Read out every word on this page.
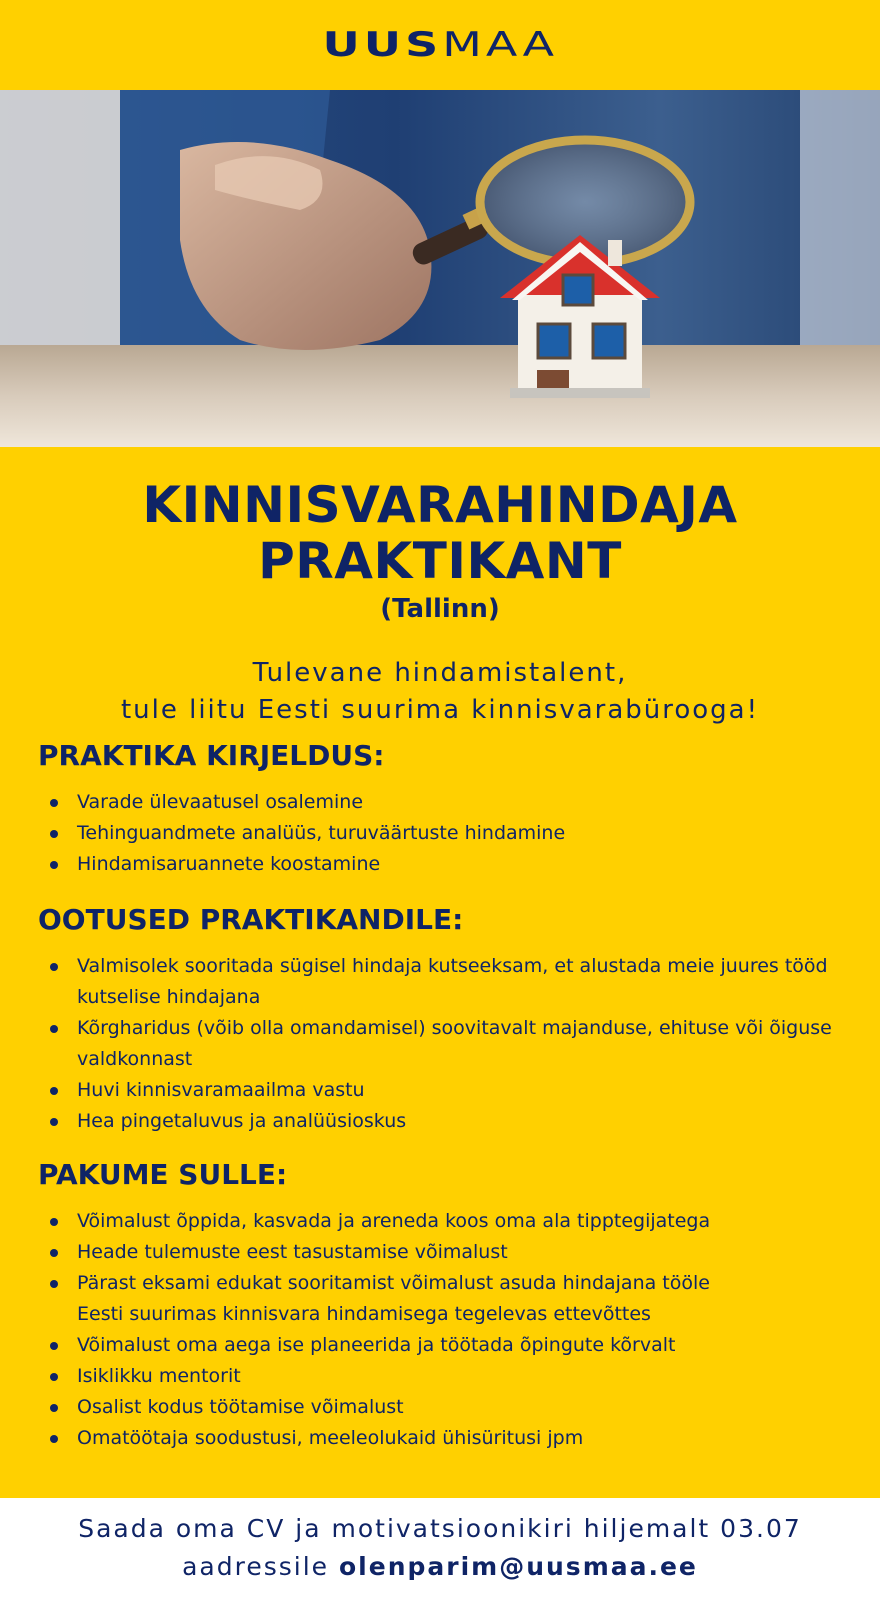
UUSMAA
KINNISVARAHINDAJA
PRAKTIKANT
(Tallinn)
Tulevane hindamistalent,
tule liitu Eesti suurima kinnisvarabürooga!
PRAKTIKA KIRJELDUS:
Varade ülevaatusel osalemine
Tehinguandmete analüüs, turuväärtuste hindamine
Hindamisaruannete koostamine
OOTUSED PRAKTIKANDILE:
Valmisolek sooritada sügisel hindaja kutseeksam, et alustada meie juures tööd kutselise hindajana
Kõrgharidus (võib olla omandamisel) soovitavalt majanduse, ehituse või õiguse valdkonnast
Huvi kinnisvaramaailma vastu
Hea pingetaluvus ja analüüsioskus
PAKUME SULLE:
Võimalust õppida, kasvada ja areneda koos oma ala tipptegijatega
Heade tulemuste eest tasustamise võimalust
Pärast eksami edukat sooritamist võimalust asuda hindajana tööle Eesti suurimas kinnisvara hindamisega tegelevas ettevõttes
Võimalust oma aega ise planeerida ja töötada õpingute kõrvalt
Isiklikku mentorit
Osalist kodus töötamise võimalust
Omatöötaja soodustusi, meeleolukaid ühisüritusi jpm
Saada oma CV ja motivatsioonikiri hiljemalt 03.07
aadressile olenparim@uusmaa.ee
